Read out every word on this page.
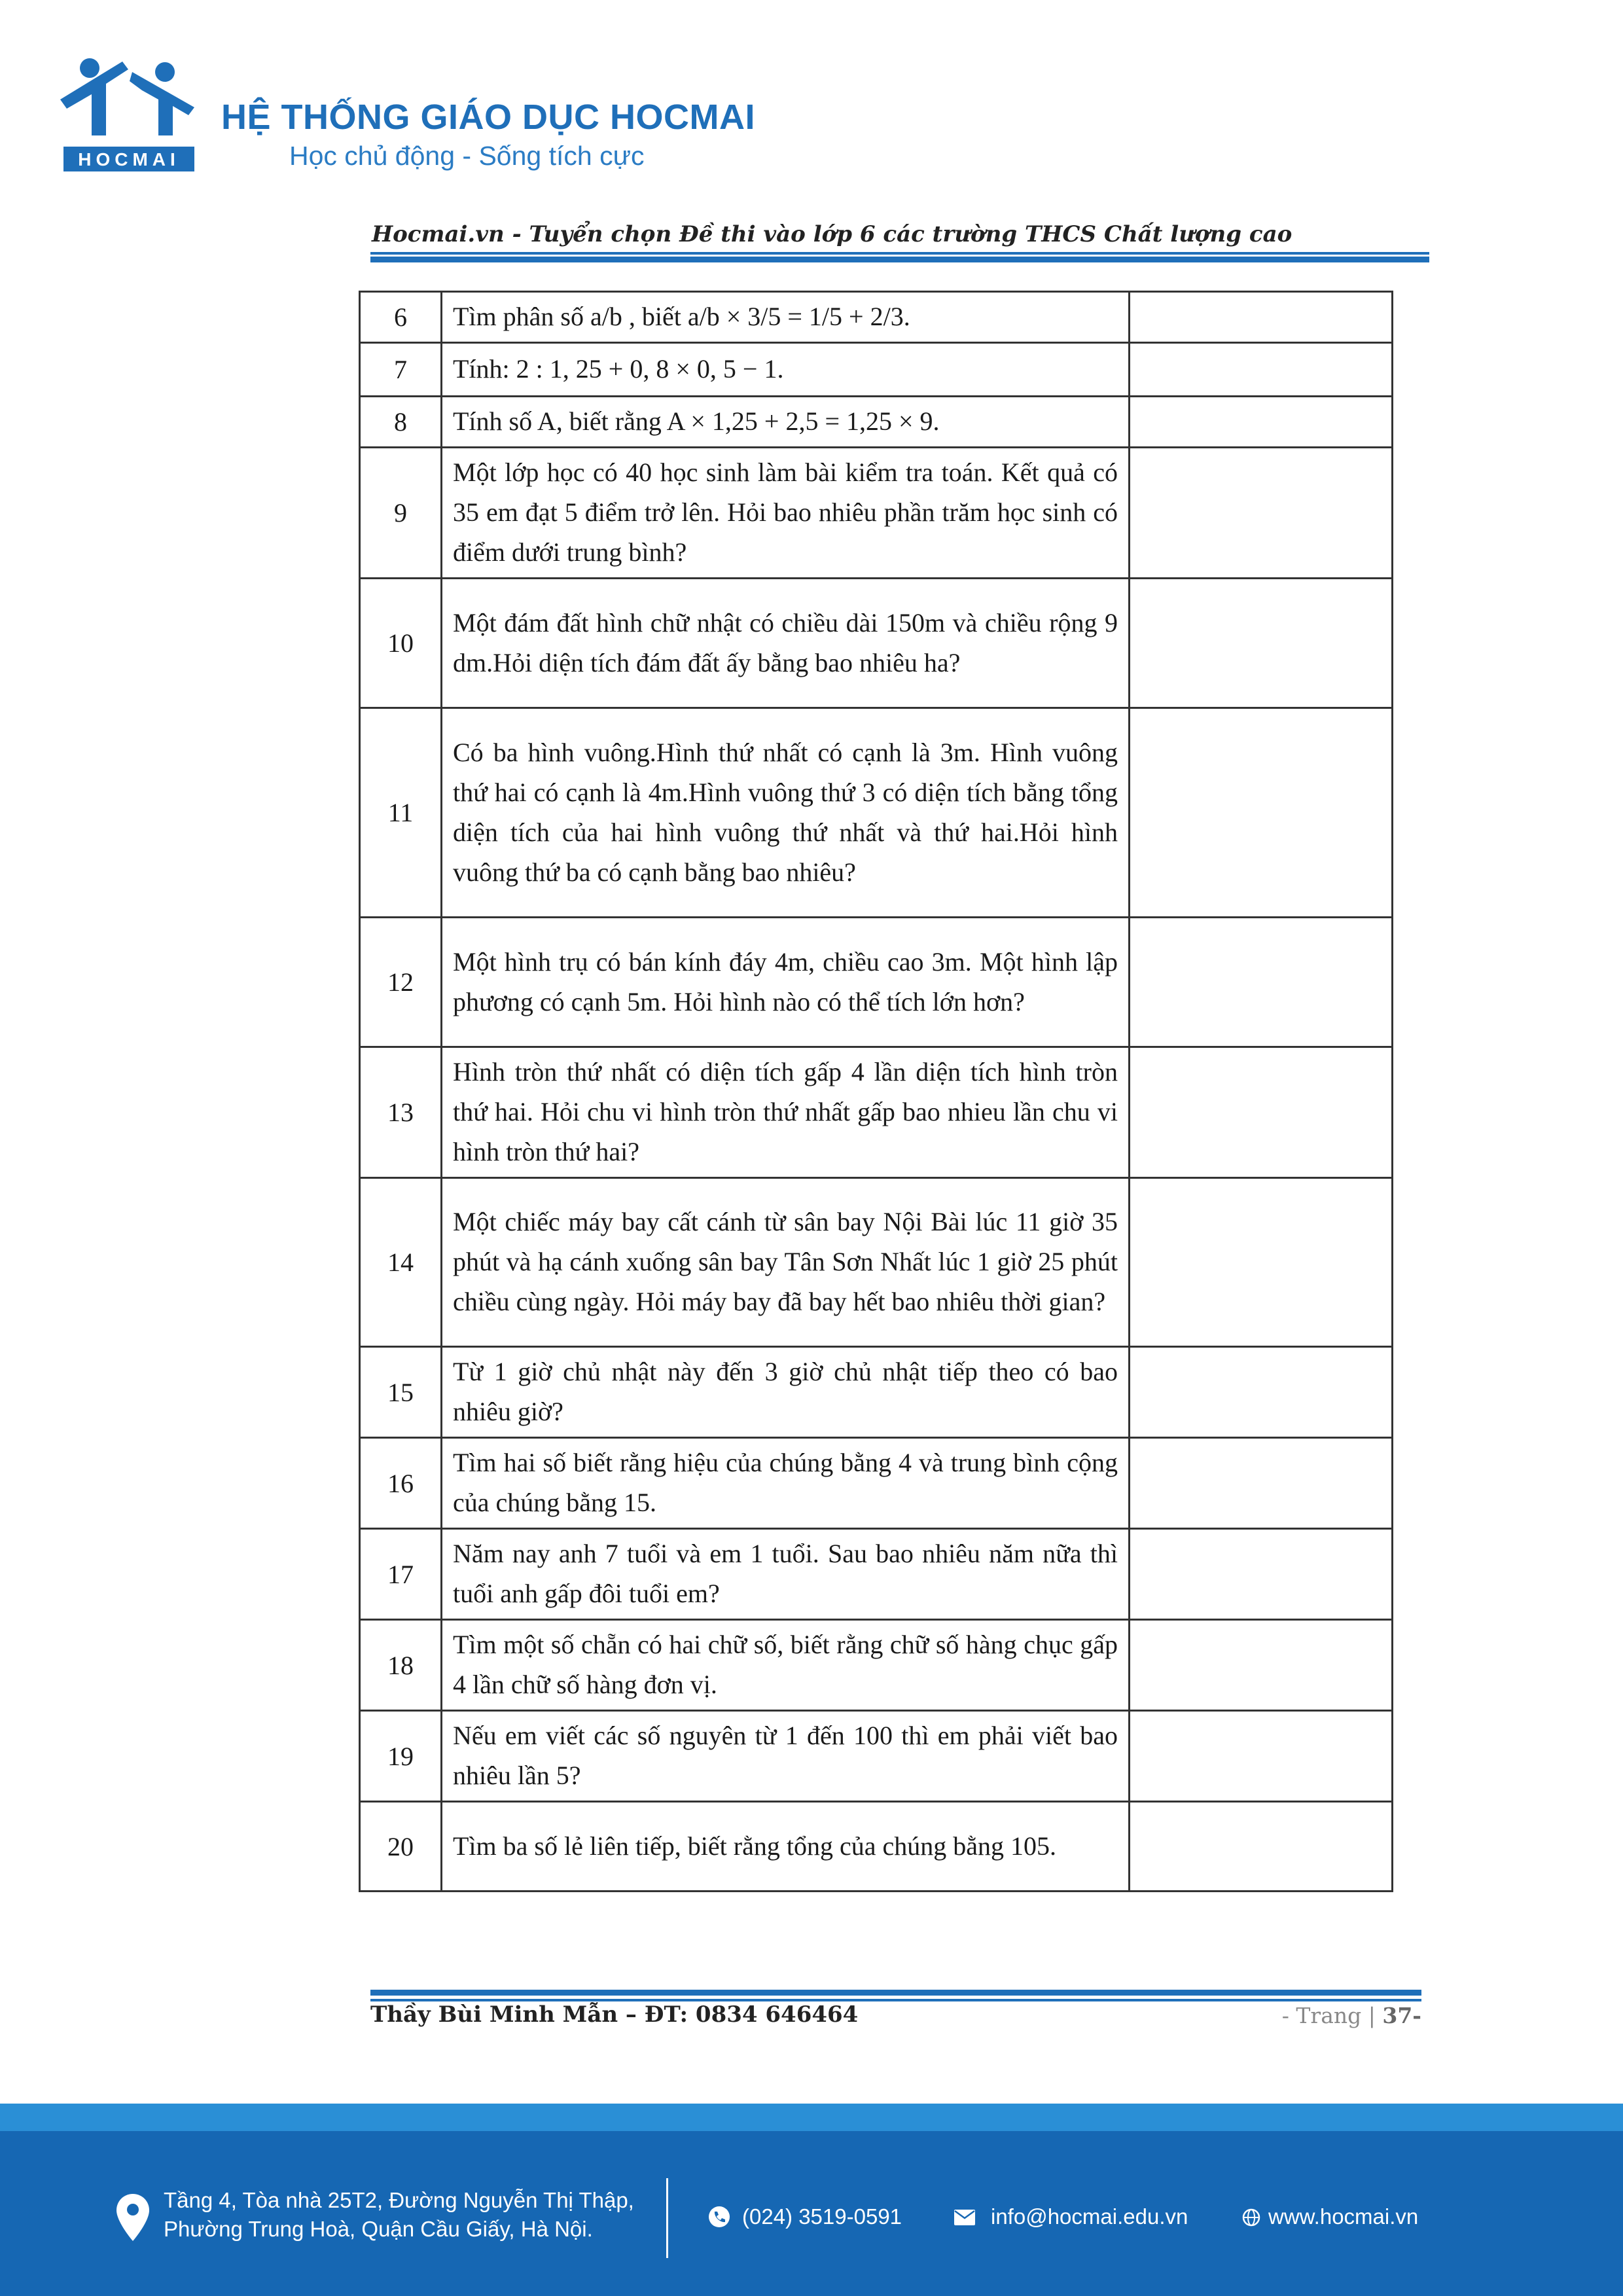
HOCMAI
HỆ THỐNG GIÁO DỤC HOCMAI
Học chủ động - Sống tích cực
Hocmai.vn - Tuyển chọn Đề thi vào lớp 6 các trường THCS Chất lượng cao
6	Tìm phân số a/b , biết a/b × 3/5 = 1/5 + 2/3.	
7	Tính: 2 : 1, 25 + 0, 8 × 0, 5 − 1.	
8	Tính số A, biết rằng A × 1,25 + 2,5 = 1,25 × 9.	
9	Một lớp học có 40 học sinh làm bài kiểm tra toán. Kết quả có 35 em đạt 5 điểm trở lên. Hỏi bao nhiêu phần trăm học sinh có điểm dưới trung bình?	
10	Một đám đất hình chữ nhật có chiều dài 150m và chiều rộng 9 dm.Hỏi diện tích đám đất ấy bằng bao nhiêu ha?	
11	Có ba hình vuông.Hình thứ nhất có cạnh là 3m. Hình vuông thứ hai có cạnh là 4m.Hình vuông thứ 3 có diện tích bằng tổng diện tích của hai hình vuông thứ nhất và thứ hai.Hỏi hình vuông thứ ba có cạnh bằng bao nhiêu?	
12	Một hình trụ có bán kính đáy 4m, chiều cao 3m. Một hình lập phương có cạnh 5m. Hỏi hình nào có thể tích lớn hơn?	
13	Hình tròn thứ nhất có diện tích gấp 4 lần diện tích hình tròn thứ hai. Hỏi chu vi hình tròn thứ nhất gấp bao nhieu lần chu vi hình tròn thứ hai?	
14	Một chiếc máy bay cất cánh từ sân bay Nội Bài lúc 11 giờ 35 phút và hạ cánh xuống sân bay Tân Sơn Nhất lúc 1 giờ 25 phút chiều cùng ngày. Hỏi máy bay đã bay hết bao nhiêu thời gian?	
15	Từ 1 giờ chủ nhật này đến 3 giờ chủ nhật tiếp theo có bao nhiêu giờ?	
16	Tìm hai số biết rằng hiệu của chúng bằng 4 và trung bình cộng của chúng bằng 15.	
17	Năm nay anh 7 tuổi và em 1 tuổi. Sau bao nhiêu năm nữa thì tuổi anh gấp đôi tuổi em?	
18	Tìm một số chẵn có hai chữ số, biết rằng chữ số hàng chục gấp 4 lần chữ số hàng đơn vị.	
19	Nếu em viết các số nguyên từ 1 đến 100 thì em phải viết bao nhiêu lần 5?	
20	Tìm ba số lẻ liên tiếp, biết rằng tổng của chúng bằng 105.	
Thầy Bùi Minh Mẫn – ĐT: 0834 646464	- Trang | 37-
Tầng 4, Tòa nhà 25T2, Đường Nguyễn Thị Thập,
Phường Trung Hoà, Quận Cầu Giấy, Hà Nội.
(024) 3519-0591	info@hocmai.edu.vn	www.hocmai.vn
